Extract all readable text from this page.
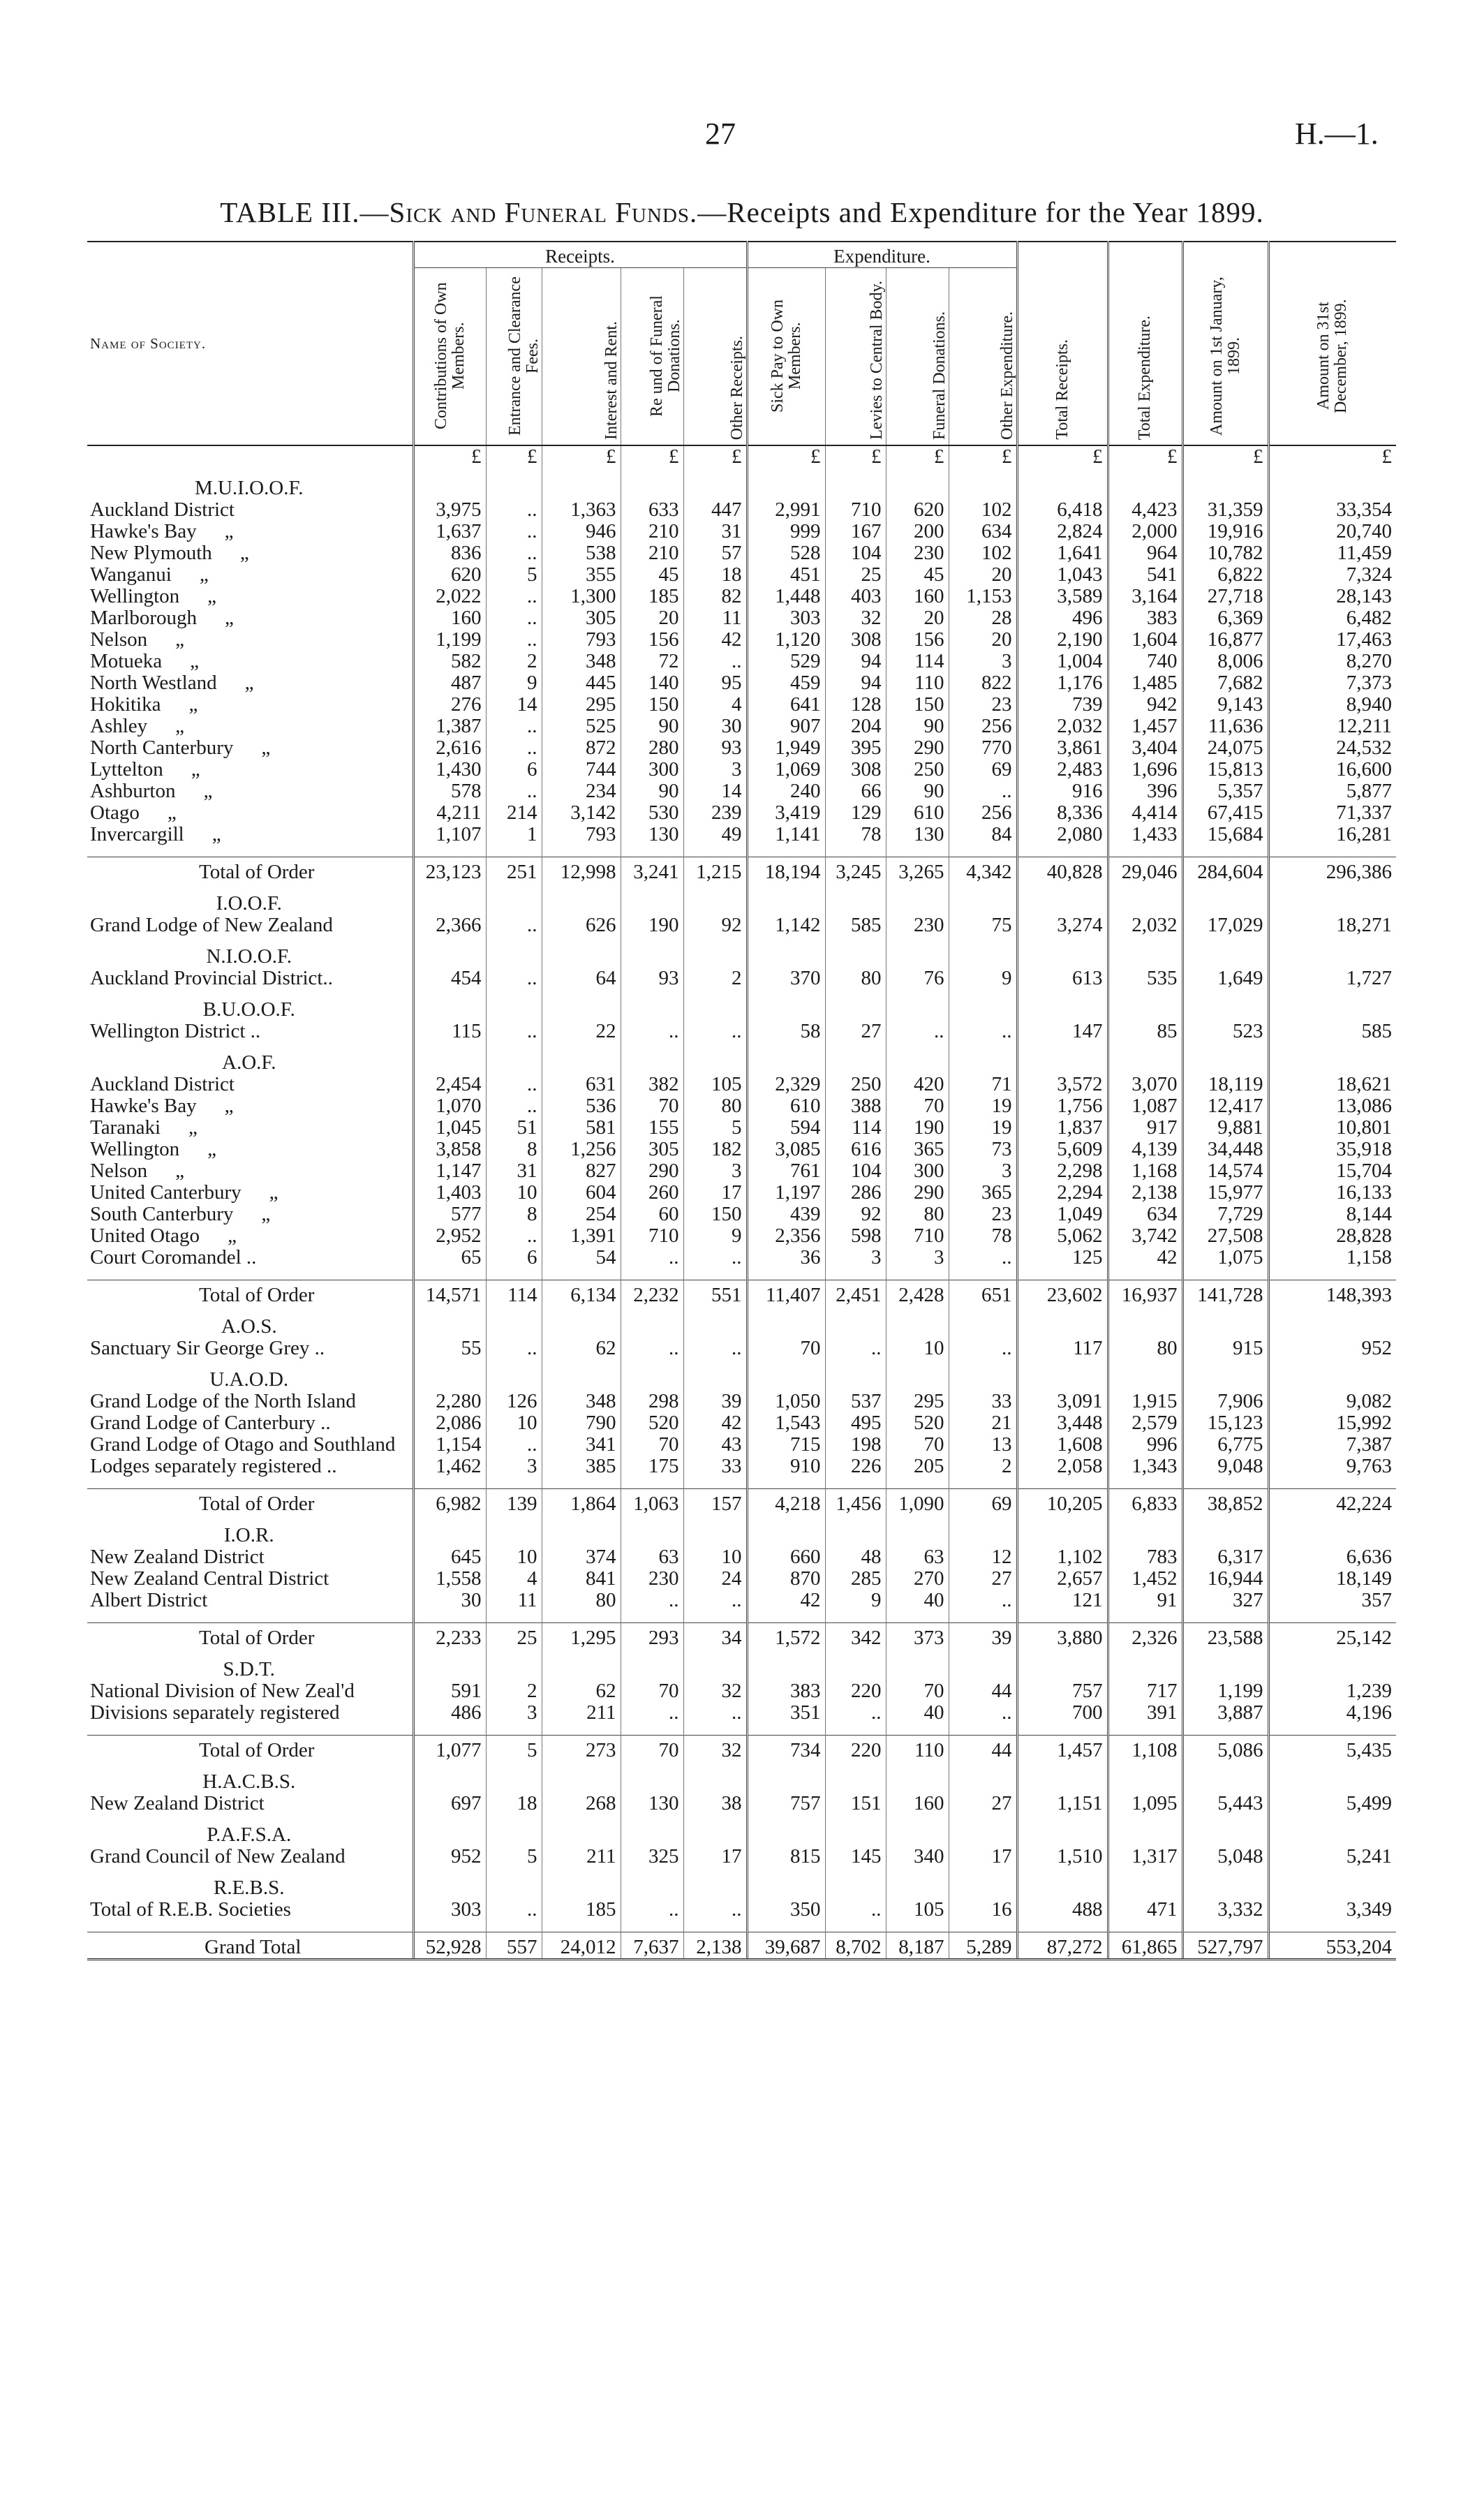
27	H.—1.
TABLE III.—Sick and Funeral Funds.—Receipts and Expenditure for the Year 1899.
Name of Society.	Receipts.					Expenditure.				Total Receipts.	Total Expenditure.	Amount on 1st January, 1899.	Amount on 31st December, 1899.
	Contributions of Own Members.	Entrance and Clearance Fees.	Interest and Rent.	Re und of Funeral Donations.	Other Receipts.	Sick Pay to Own Members.	Levies to Central Body.	Funeral Donations.	Other Expenditure.				
	£	£	£	£	£	£	£	£	£	£	£	£	£
M.U.I.O.O.F.													
Auckland District	3,975	..	1,363	633	447	2,991	710	620	102	6,418	4,423	31,359	33,354
Hawke's Bay „	1,637	..	946	210	31	999	167	200	634	2,824	2,000	19,916	20,740
New Plymouth „	836	..	538	210	57	528	104	230	102	1,641	964	10,782	11,459
Wanganui „	620	5	355	45	18	451	25	45	20	1,043	541	6,822	7,324
Wellington „	2,022	..	1,300	185	82	1,448	403	160	1,153	3,589	3,164	27,718	28,143
Marlborough „	160	..	305	20	11	303	32	20	28	496	383	6,369	6,482
Nelson „	1,199	..	793	156	42	1,120	308	156	20	2,190	1,604	16,877	17,463
Motueka „	582	2	348	72	..	529	94	114	3	1,004	740	8,006	8,270
North Westland „	487	9	445	140	95	459	94	110	822	1,176	1,485	7,682	7,373
Hokitika „	276	14	295	150	4	641	128	150	23	739	942	9,143	8,940
Ashley „	1,387	..	525	90	30	907	204	90	256	2,032	1,457	11,636	12,211
North Canterbury „	2,616	..	872	280	93	1,949	395	290	770	3,861	3,404	24,075	24,532
Lyttelton „	1,430	6	744	300	3	1,069	308	250	69	2,483	1,696	15,813	16,600
Ashburton „	578	..	234	90	14	240	66	90	..	916	396	5,357	5,877
Otago „	4,211	214	3,142	530	239	3,419	129	610	256	8,336	4,414	67,415	71,337
Invercargill „	1,107	1	793	130	49	1,141	78	130	84	2,080	1,433	15,684	16,281

Total of Order	23,123	251	12,998	3,241	1,215	18,194	3,245	3,265	4,342	40,828	29,046	284,604	296,386
I.O.O.F.													
Grand Lodge of New Zealand	2,366	..	626	190	92	1,142	585	230	75	3,274	2,032	17,029	18,271
N.I.O.O.F.													
Auckland Provincial District..	454	..	64	93	2	370	80	76	9	613	535	1,649	1,727
B.U.O.O.F.													
Wellington District ..	115	..	22	..	..	58	27	..	..	147	85	523	585
A.O.F.													
Auckland District	2,454	..	631	382	105	2,329	250	420	71	3,572	3,070	18,119	18,621
Hawke's Bay „	1,070	..	536	70	80	610	388	70	19	1,756	1,087	12,417	13,086
Taranaki „	1,045	51	581	155	5	594	114	190	19	1,837	917	9,881	10,801
Wellington „	3,858	8	1,256	305	182	3,085	616	365	73	5,609	4,139	34,448	35,918
Nelson „	1,147	31	827	290	3	761	104	300	3	2,298	1,168	14,574	15,704
United Canterbury „	1,403	10	604	260	17	1,197	286	290	365	2,294	2,138	15,977	16,133
South Canterbury „	577	8	254	60	150	439	92	80	23	1,049	634	7,729	8,144
United Otago „	2,952	..	1,391	710	9	2,356	598	710	78	5,062	3,742	27,508	28,828
Court Coromandel ..	65	6	54	..	..	36	3	3	..	125	42	1,075	1,158

Total of Order	14,571	114	6,134	2,232	551	11,407	2,451	2,428	651	23,602	16,937	141,728	148,393
A.O.S.													
Sanctuary Sir George Grey ..	55	..	62	..	..	70	..	10	..	117	80	915	952
U.A.O.D.													
Grand Lodge of the North Island	2,280	126	348	298	39	1,050	537	295	33	3,091	1,915	7,906	9,082
Grand Lodge of Canterbury ..	2,086	10	790	520	42	1,543	495	520	21	3,448	2,579	15,123	15,992
Grand Lodge of Otago and Southland	1,154	..	341	70	43	715	198	70	13	1,608	996	6,775	7,387
Lodges separately registered ..	1,462	3	385	175	33	910	226	205	2	2,058	1,343	9,048	9,763

Total of Order	6,982	139	1,864	1,063	157	4,218	1,456	1,090	69	10,205	6,833	38,852	42,224
I.O.R.													
New Zealand District	645	10	374	63	10	660	48	63	12	1,102	783	6,317	6,636
New Zealand Central District	1,558	4	841	230	24	870	285	270	27	2,657	1,452	16,944	18,149
Albert District	30	11	80	..	..	42	9	40	..	121	91	327	357

Total of Order	2,233	25	1,295	293	34	1,572	342	373	39	3,880	2,326	23,588	25,142
S.D.T.													
National Division of New Zeal'd	591	2	62	70	32	383	220	70	44	757	717	1,199	1,239
Divisions separately registered	486	3	211	..	..	351	..	40	..	700	391	3,887	4,196

Total of Order	1,077	5	273	70	32	734	220	110	44	1,457	1,108	5,086	5,435
H.A.C.B.S.													
New Zealand District	697	18	268	130	38	757	151	160	27	1,151	1,095	5,443	5,499
P.A.F.S.A.													
Grand Council of New Zealand	952	5	211	325	17	815	145	340	17	1,510	1,317	5,048	5,241
R.E.B.S.													
Total of R.E.B. Societies	303	..	185	..	..	350	..	105	16	488	471	3,332	3,349

Grand Total	52,928	557	24,012	7,637	2,138	39,687	8,702	8,187	5,289	87,272	61,865	527,797	553,204
